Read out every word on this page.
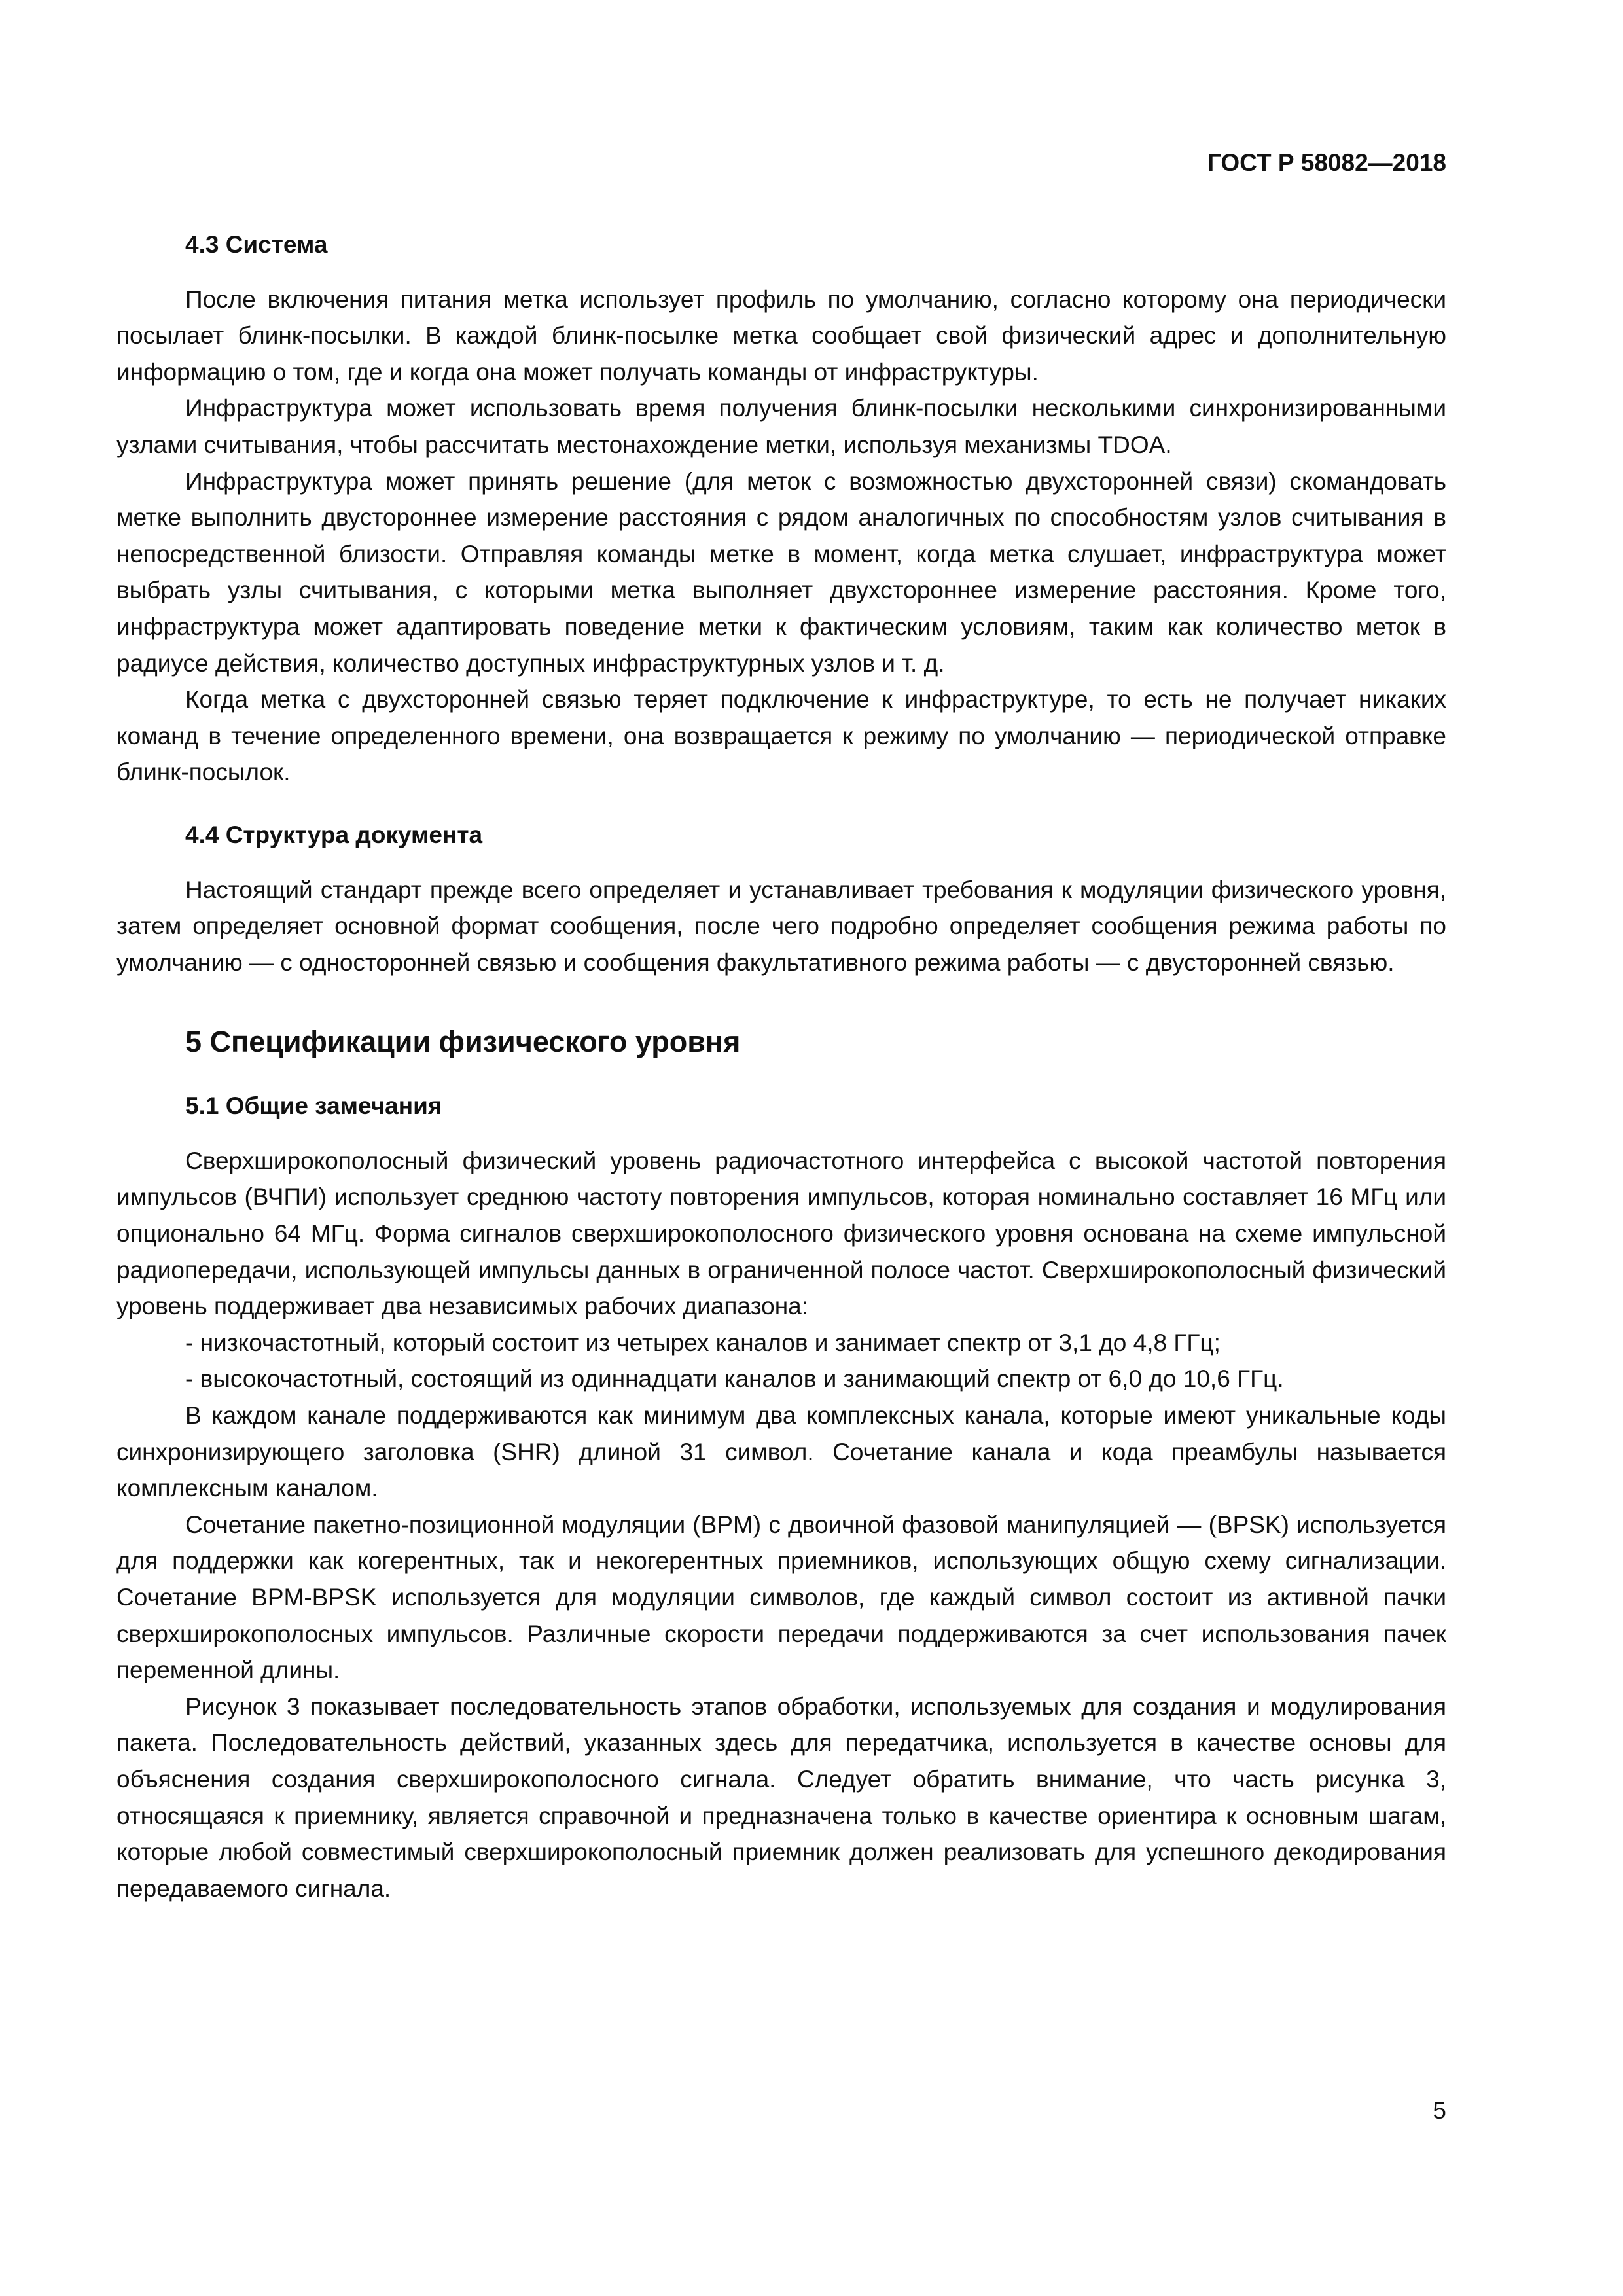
ГОСТ Р 58082—2018
4.3 Система

После включения питания метка использует профиль по умолчанию, согласно которому она периодически посылает блинк-посылки. В каждой блинк-посылке метка сообщает свой физический адрес и дополнительную информацию о том, где и когда она может получать команды от инфраструктуры.

Инфраструктура может использовать время получения блинк-посылки несколькими синхронизированными узлами считывания, чтобы рассчитать местонахождение метки, используя механизмы TDOA.

Инфраструктура может принять решение (для меток с возможностью двухсторонней связи) скомандовать метке выполнить двустороннее измерение расстояния с рядом аналогичных по способностям узлов считывания в непосредственной близости. Отправляя команды метке в момент, когда метка слушает, инфраструктура может выбрать узлы считывания, с которыми метка выполняет двухстороннее измерение расстояния. Кроме того, инфраструктура может адаптировать поведение метки к фактическим условиям, таким как количество меток в радиусе действия, количество доступных инфраструктурных узлов и т. д.

Когда метка с двухсторонней связью теряет подключение к инфраструктуре, то есть не получает никаких команд в течение определенного времени, она возвращается к режиму по умолчанию — периодической отправке блинк-посылок.

4.4 Структура документа

Настоящий стандарт прежде всего определяет и устанавливает требования к модуляции физического уровня, затем определяет основной формат сообщения, после чего подробно определяет сообщения режима работы по умолчанию — с односторонней связью и сообщения факультативного режима работы — с двусторонней связью.

5 Спецификации физического уровня
5.1 Общие замечания

Сверхширокополосный физический уровень радиочастотного интерфейса с высокой частотой повторения импульсов (ВЧПИ) использует среднюю частоту повторения импульсов, которая номинально составляет 16 МГц или опционально 64 МГц. Форма сигналов сверхширокополосного физического уровня основана на схеме импульсной радиопередачи, использующей импульсы данных в ограниченной полосе частот. Сверхширокополосный физический уровень поддерживает два независимых рабочих диапазона:

- низкочастотный, который состоит из четырех каналов и занимает спектр от 3,1 до 4,8 ГГц;
- высокочастотный, состоящий из одиннадцати каналов и занимающий спектр от 6,0 до 10,6 ГГц.

В каждом канале поддерживаются как минимум два комплексных канала, которые имеют уникальные коды синхронизирующего заголовка (SHR) длиной 31 символ. Сочетание канала и кода преамбулы называется комплексным каналом.

Сочетание пакетно-позиционной модуляции (BPM) с двоичной фазовой манипуляцией — (BPSK) используется для поддержки как когерентных, так и некогерентных приемников, использующих общую схему сигнализации. Сочетание BPM-BPSK используется для модуляции символов, где каждый символ состоит из активной пачки сверхширокополосных импульсов. Различные скорости передачи поддерживаются за счет использования пачек переменной длины.

Рисунок 3 показывает последовательность этапов обработки, используемых для создания и модулирования пакета. Последовательность действий, указанных здесь для передатчика, используется в качестве основы для объяснения создания сверхширокополосного сигнала. Следует обратить внимание, что часть рисунка 3, относящаяся к приемнику, является справочной и предназначена только в качестве ориентира к основным шагам, которые любой совместимый сверхширокополосный приемник должен реализовать для успешного декодирования передаваемого сигнала.

5
